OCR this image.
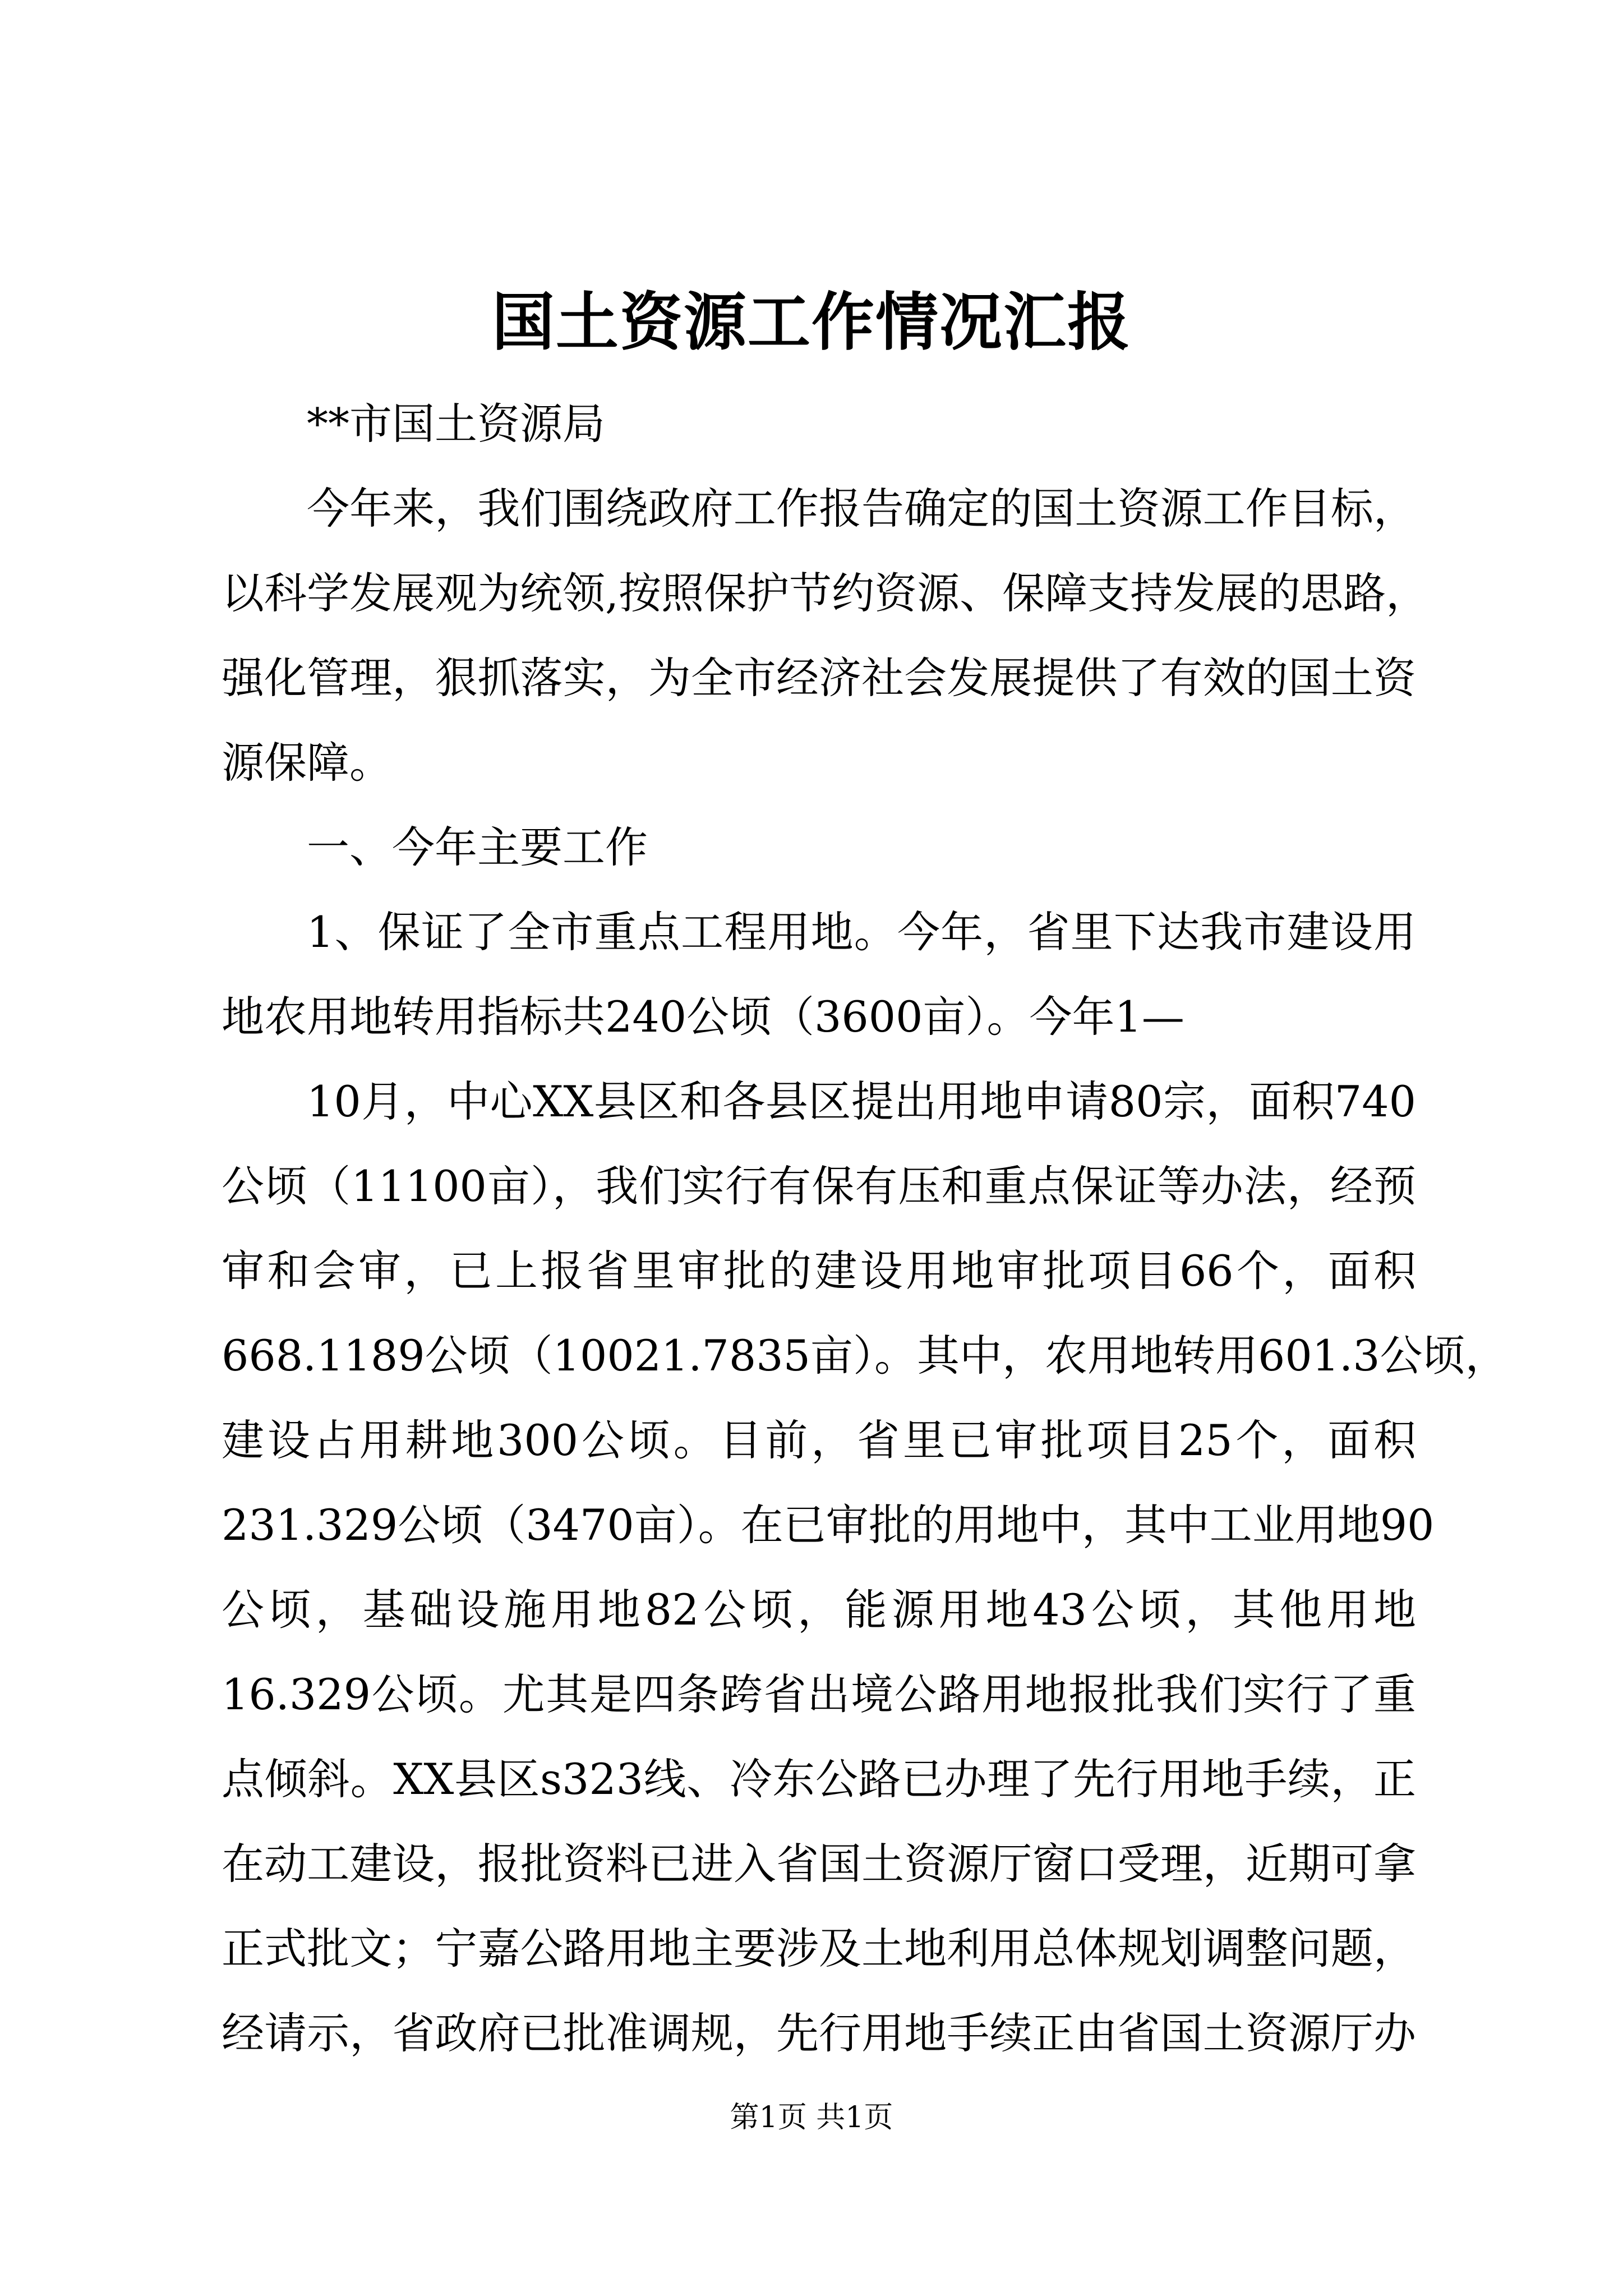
国土资源工作情况汇报
**市国土资源局
今年来，我们围绕政府工作报告确定的国土资源工作目标，
以科学发展观为统领,按照保护节约资源、保障支持发展的思路，
强化管理，狠抓落实，为全市经济社会发展提供了有效的国土资
源保障。
一、今年主要工作
1、保证了全市重点工程用地。今年，省里下达我市建设用
地农用地转用指标共240公顷（3600亩）。今年1—
10月，中心XX县区和各县区提出用地申请80宗，面积740
公顷（11100亩），我们实行有保有压和重点保证等办法，经预
审和会审，已上报省里审批的建设用地审批项目66个，面积
668.1189公顷（10021.7835亩）。其中，农用地转用601.3公顷，
建设占用耕地300公顷。目前，省里已审批项目25个，面积
231.329公顷（3470亩）。在已审批的用地中，其中工业用地90
公顷，基础设施用地82公顷，能源用地43公顷，其他用地
16.329公顷。尤其是四条跨省出境公路用地报批我们实行了重
点倾斜。XX县区s323线、冷东公路已办理了先行用地手续，正
在动工建设，报批资料已进入省国土资源厅窗口受理，近期可拿
正式批文；宁嘉公路用地主要涉及土地利用总体规划调整问题，
经请示，省政府已批准调规，先行用地手续正由省国土资源厅办
第1页 共1页
